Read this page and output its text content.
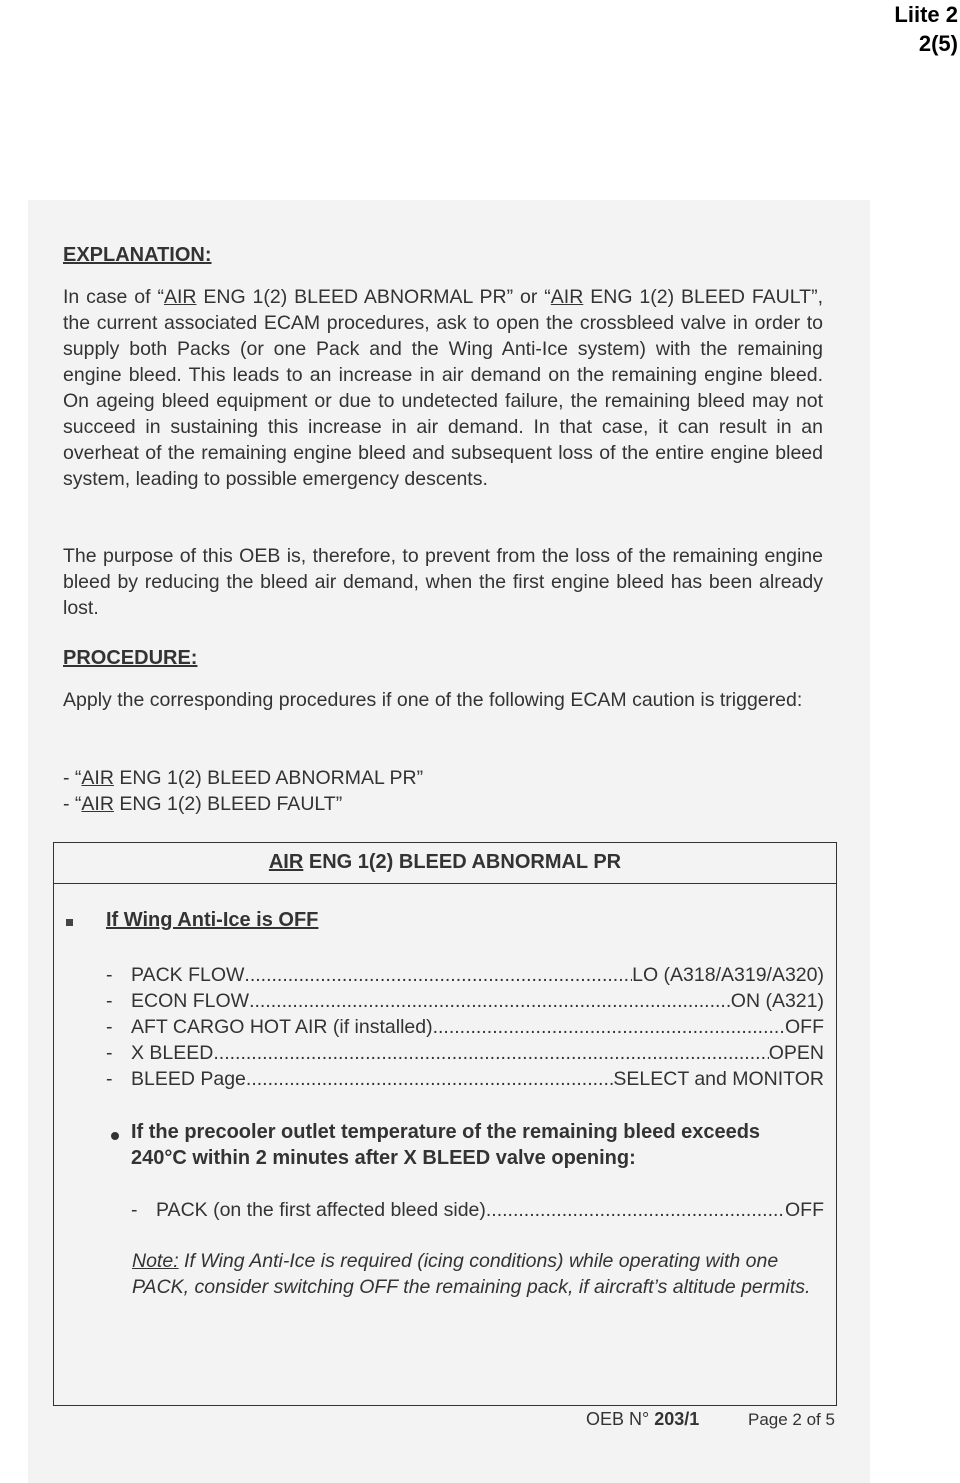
Liite 2
2(5)
EXPLANATION:
In case of “AIR ENG 1(2) BLEED ABNORMAL PR” or “AIR ENG 1(2) BLEED FAULT”, the current associated ECAM procedures, ask to open the crossbleed valve in order to supply both Packs (or one Pack and the Wing Anti-Ice system) with the remaining engine bleed. This leads to an increase in air demand on the remaining engine bleed. On ageing bleed equipment or due to undetected failure, the remaining bleed may not succeed in sustaining this increase in air demand. In that case, it can result in an overheat of the remaining engine bleed and subsequent loss of the entire engine bleed system, leading to possible emergency descents.
The purpose of this OEB is, therefore, to prevent from the loss of the remaining engine bleed by reducing the bleed air demand, when the first engine bleed has been already lost.
PROCEDURE:
Apply the corresponding procedures if one of the following ECAM caution is triggered:
- “AIR ENG 1(2) BLEED ABNORMAL PR”
- “AIR ENG 1(2) BLEED FAULT”
AIR ENG 1(2) BLEED ABNORMAL PR
If Wing Anti-Ice is OFF
- PACK FLOW .....	LO (A318/A319/A320)
- ECON FLOW .....	ON (A321)
- AFT CARGO HOT AIR (if installed) .....	OFF
- X BLEED .....	OPEN
- BLEED Page .....	SELECT and MONITOR
If the precooler outlet temperature of the remaining bleed exceeds 240°C within 2 minutes after X BLEED valve opening:
- PACK (on the first affected bleed side) .....	OFF
Note: If Wing Anti-Ice is required (icing conditions) while operating with one PACK, consider switching OFF the remaining pack, if aircraft’s altitude permits.
OEB N° 203/1	Page 2 of 5
